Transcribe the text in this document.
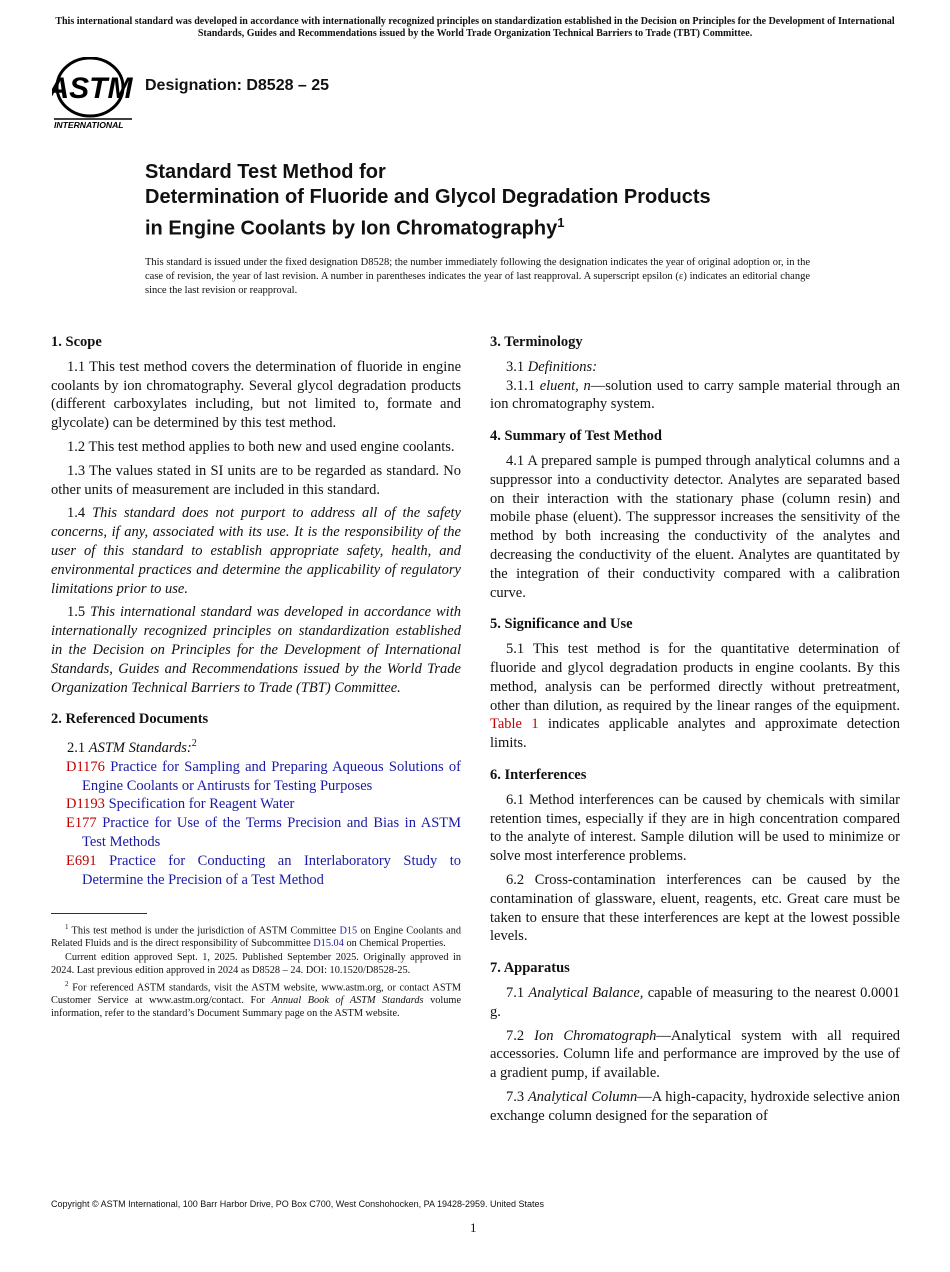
This international standard was developed in accordance with internationally recognized principles on standardization established in the Decision on Principles for the Development of International Standards, Guides and Recommendations issued by the World Trade Organization Technical Barriers to Trade (TBT) Committee.
ASTM
INTERNATIONAL
Designation: D8528 – 25
Standard Test Method for
Determination of Fluoride and Glycol Degradation Products
in Engine Coolants by Ion Chromatography$^1$
This standard is issued under the fixed designation D8528; the number immediately following the designation indicates the year of original adoption or, in the case of revision, the year of last revision. A number in parentheses indicates the year of last reapproval. A superscript epsilon (ε) indicates an editorial change since the last revision or reapproval.
1. Scope

1.1 This test method covers the determination of fluoride in engine coolants by ion chromatography. Several glycol degradation products (different carboxylates including, but not limited to, formate and glycolate) can be determined by this test method.

1.2 This test method applies to both new and used engine coolants.

1.3 The values stated in SI units are to be regarded as standard. No other units of measurement are included in this standard.

1.4 This standard does not purport to address all of the safety concerns, if any, associated with its use. It is the responsibility of the user of this standard to establish appropriate safety, health, and environmental practices and determine the applicability of regulatory limitations prior to use.

1.5 This international standard was developed in accordance with internationally recognized principles on standardization established in the Decision on Principles for the Development of International Standards, Guides and Recommendations issued by the World Trade Organization Technical Barriers to Trade (TBT) Committee.

2. Referenced Documents

2.1 ASTM Standards:$^2$

D1176 Practice for Sampling and Preparing Aqueous Solutions of Engine Coolants or Antirusts for Testing Purposes
D1193 Specification for Reagent Water
E177 Practice for Use of the Terms Precision and Bias in ASTM Test Methods
E691 Practice for Conducting an Interlaboratory Study to Determine the Precision of a Test Method

$^1$ This test method is under the jurisdiction of ASTM Committee D15 on Engine Coolants and Related Fluids and is the direct responsibility of Subcommittee D15.04 on Chemical Properties.

Current edition approved Sept. 1, 2025. Published September 2025. Originally approved in 2024. Last previous edition approved in 2024 as D8528 – 24. DOI: 10.1520/D8528-25.

$^2$ For referenced ASTM standards, visit the ASTM website, www.astm.org, or contact ASTM Customer Service at www.astm.org/contact. For Annual Book of ASTM Standards volume information, refer to the standard’s Document Summary page on the ASTM website.

3. Terminology

3.1 Definitions:

3.1.1 eluent, n—solution used to carry sample material through an ion chromatography system.

4. Summary of Test Method

4.1 A prepared sample is pumped through analytical columns and a suppressor into a conductivity detector. Analytes are separated based on their interaction with the stationary phase (column resin) and mobile phase (eluent). The suppressor increases the sensitivity of the method by both increasing the conductivity of the analytes and decreasing the conductivity of the eluent. Analytes are quantitated by the integration of their conductivity compared with a calibration curve.

5. Significance and Use

5.1 This test method is for the quantitative determination of fluoride and glycol degradation products in engine coolants. By this method, analysis can be performed directly without pretreatment, other than dilution, as required by the linear ranges of the equipment. Table 1 indicates applicable analytes and approximate detection limits.

6. Interferences

6.1 Method interferences can be caused by chemicals with similar retention times, especially if they are in high concentration compared to the analyte of interest. Sample dilution will be used to minimize or solve most interference problems.

6.2 Cross-contamination interferences can be caused by the contamination of glassware, eluent, reagents, etc. Great care must be taken to ensure that these interferences are kept at the lowest possible levels.

7. Apparatus

7.1 Analytical Balance, capable of measuring to the nearest 0.0001 g.

7.2 Ion Chromatograph—Analytical system with all required accessories. Column life and performance are improved by the use of a gradient pump, if available.

7.3 Analytical Column—A high-capacity, hydroxide selective anion exchange column designed for the separation of

Copyright © ASTM International, 100 Barr Harbor Drive, PO Box C700, West Conshohocken, PA 19428-2959. United States
1
